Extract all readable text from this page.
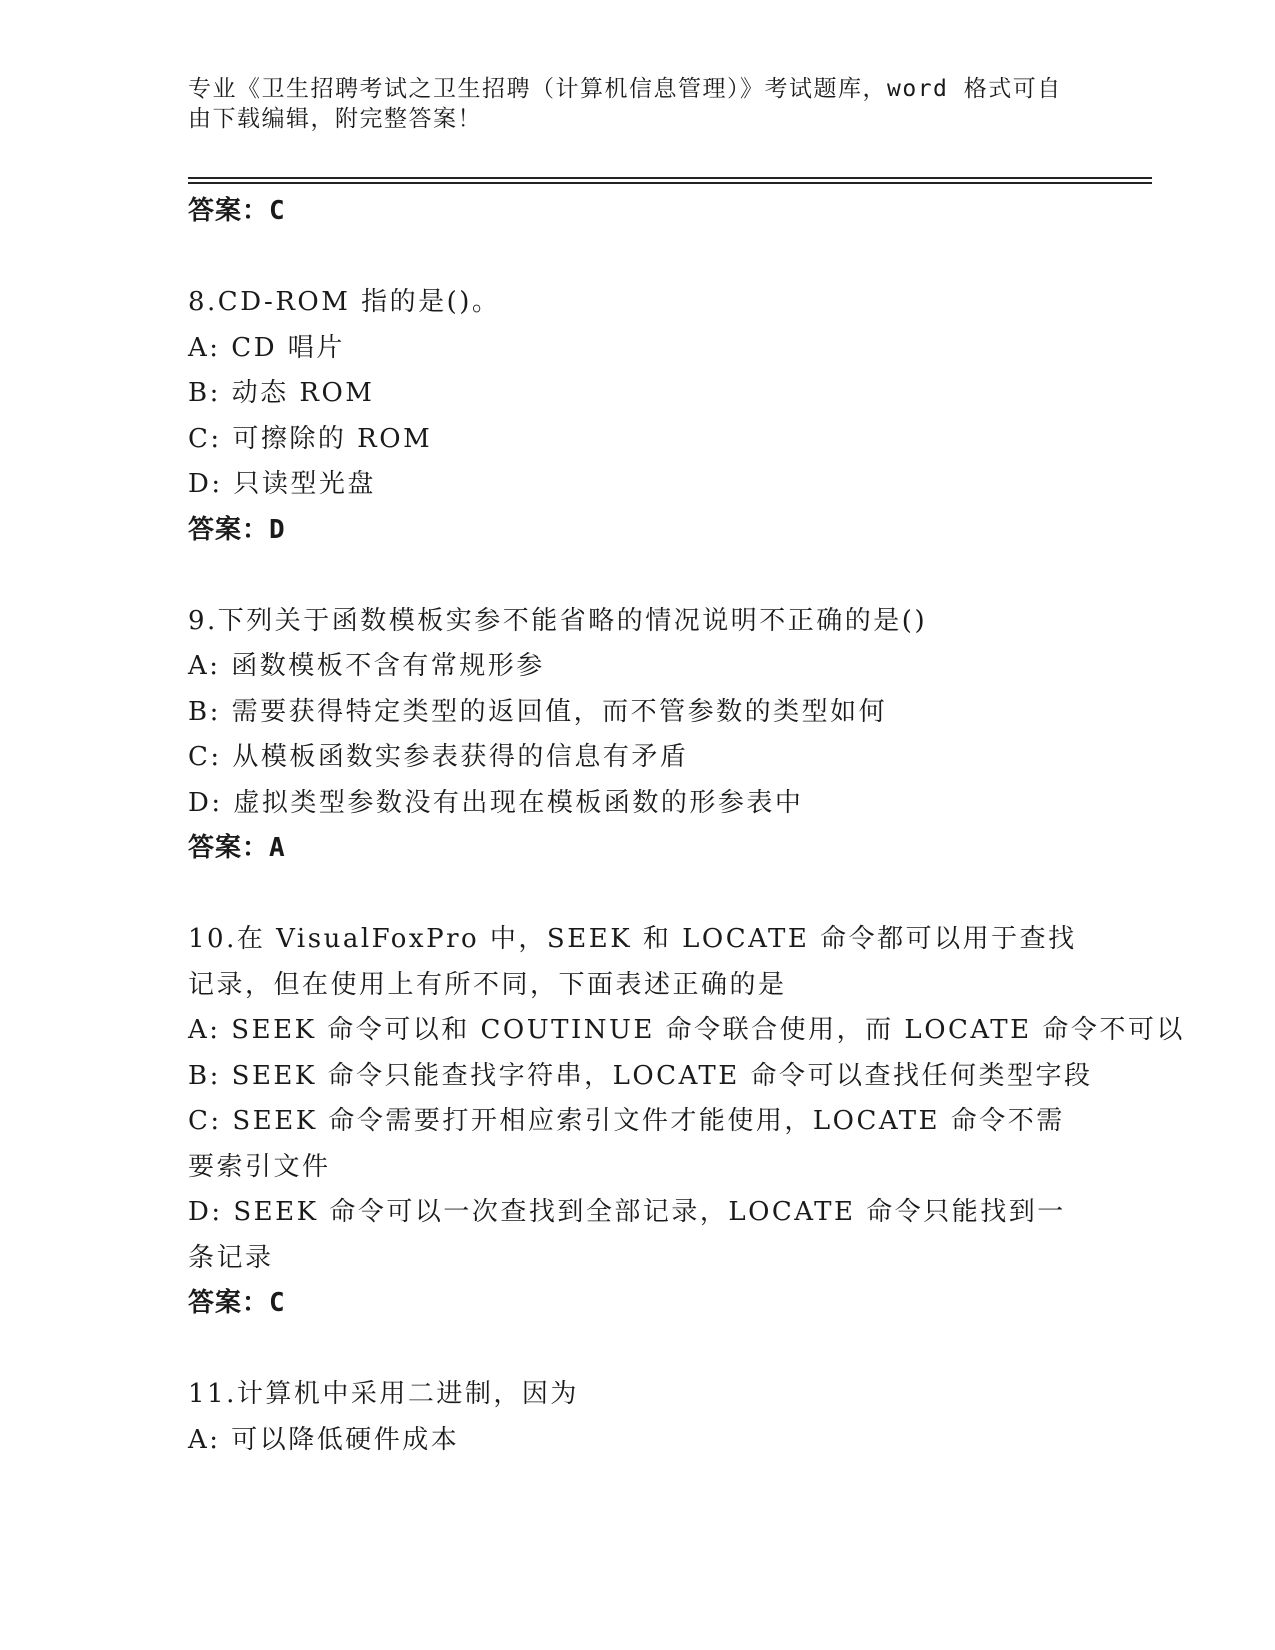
专业《卫生招聘考试之卫生招聘（计算机信息管理）》考试题库，word 格式可自由下载编辑，附完整答案！
答案：C
8.CD-ROM 指的是()。
A: CD 唱片
B: 动态 ROM
C: 可擦除的 ROM
D: 只读型光盘
答案：D
9.下列关于函数模板实参不能省略的情况说明不正确的是()
A: 函数模板不含有常规形参
B: 需要获得特定类型的返回值，而不管参数的类型如何
C: 从模板函数实参表获得的信息有矛盾
D: 虚拟类型参数没有出现在模板函数的形参表中
答案：A
10.在 VisualFoxPro 中，SEEK 和 LOCATE 命令都可以用于查找记录，但在使用上有所不同，下面表述正确的是
A: SEEK 命令可以和 COUTINUE 命令联合使用，而 LOCATE 命令不可以
B: SEEK 命令只能查找字符串，LOCATE 命令可以查找任何类型字段
C: SEEK 命令需要打开相应索引文件才能使用，LOCATE 命令不需要索引文件
D: SEEK 命令可以一次查找到全部记录，LOCATE 命令只能找到一条记录
答案：C
11.计算机中采用二进制，因为
A: 可以降低硬件成本
